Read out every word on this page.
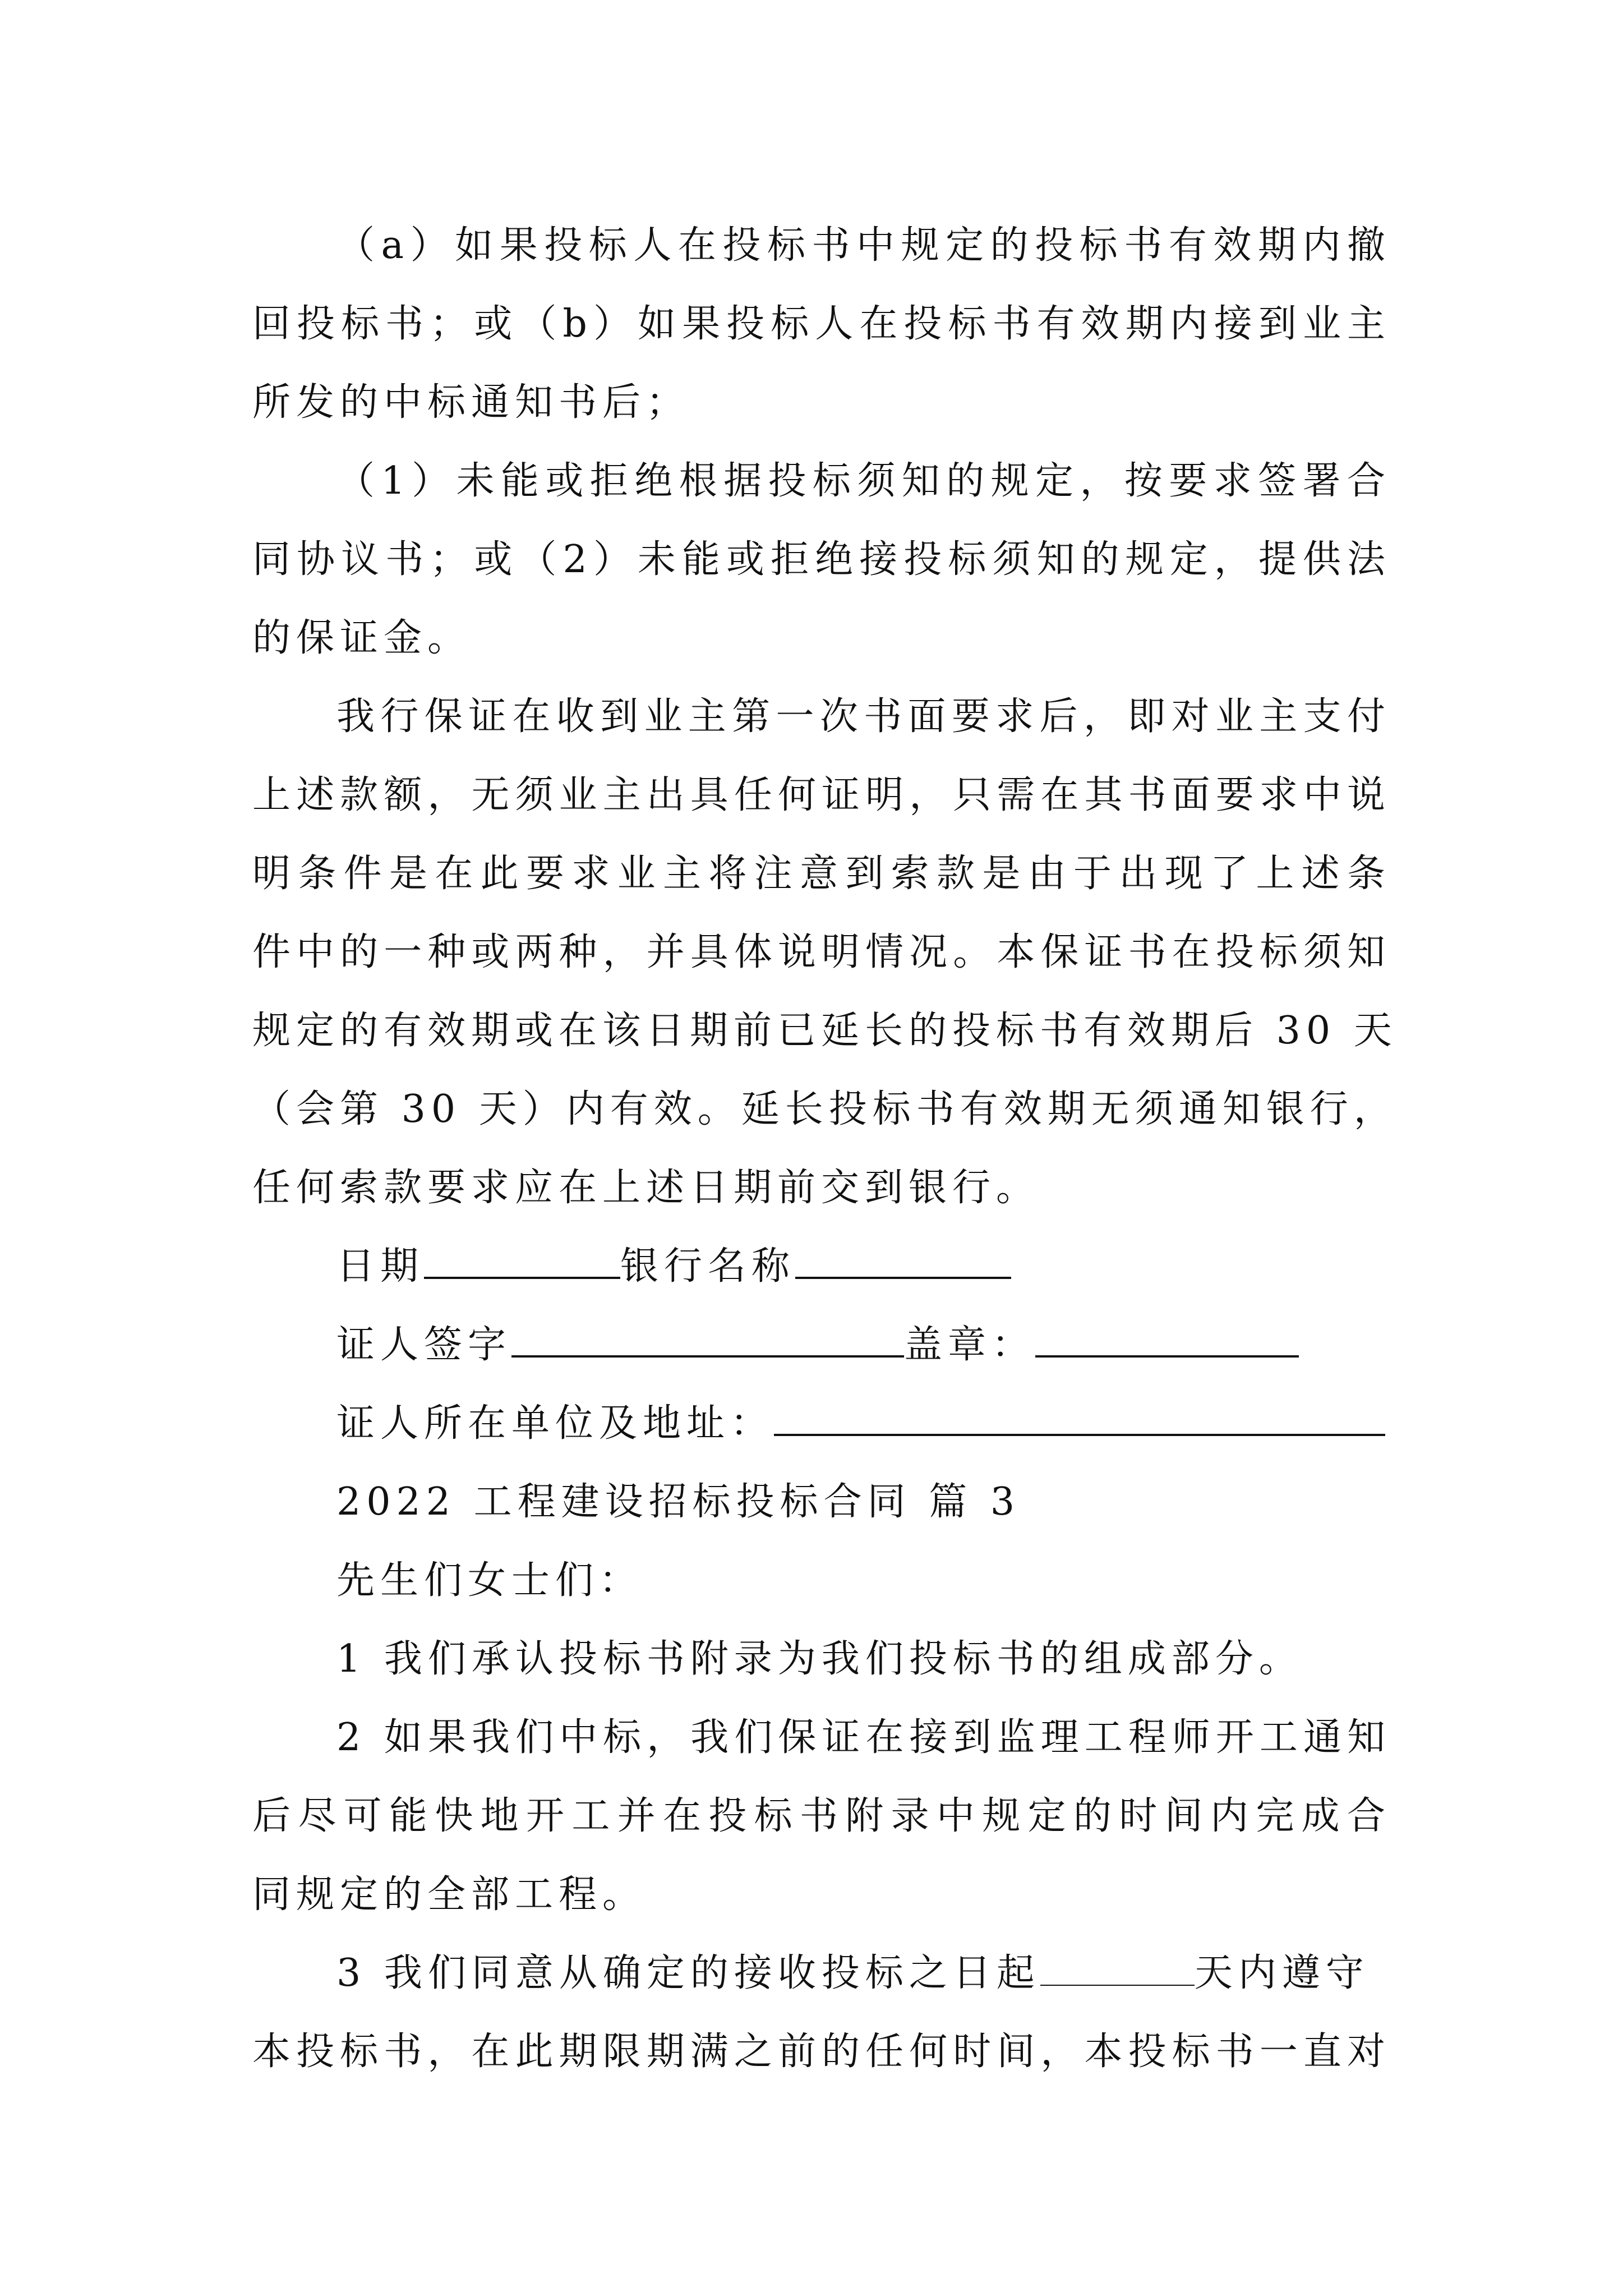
（a）如果投标人在投标书中规定的投标书有效期内撤
回投标书；或（b）如果投标人在投标书有效期内接到业主
所发的中标通知书后；
（1）未能或拒绝根据投标须知的规定，按要求签署合
同协议书；或（2）未能或拒绝接投标须知的规定，提供法
的保证金。
我行保证在收到业主第一次书面要求后，即对业主支付
上述款额，无须业主出具任何证明，只需在其书面要求中说
明条件是在此要求业主将注意到索款是由于出现了上述条
件中的一种或两种，并具体说明情况。本保证书在投标须知
规定的有效期或在该日期前已延长的投标书有效期后 30 天
（会第 30 天）内有效。延长投标书有效期无须通知银行，
任何索款要求应在上述日期前交到银行。
日期	银行名称
证人签字	盖章：
证人所在单位及地址：
2022 工程建设招标投标合同 篇 3
先生们女士们：
1 我们承认投标书附录为我们投标书的组成部分。
2 如果我们中标，我们保证在接到监理工程师开工通知
后尽可能快地开工并在投标书附录中规定的时间内完成合
同规定的全部工程。
3 我们同意从确定的接收投标之日起	天内遵守
本投标书，在此期限期满之前的任何时间，本投标书一直对
